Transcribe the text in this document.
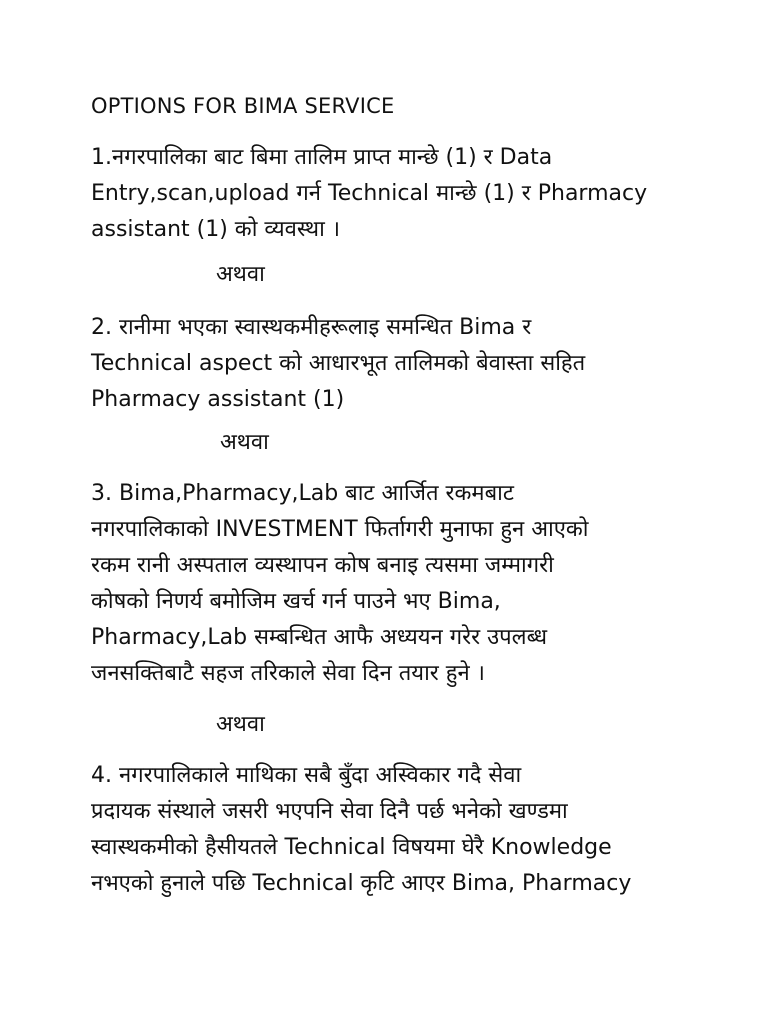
OPTIONS FOR BIMA SERVICE
1.नगरपालिका बाट बिमा तालिम प्राप्त मान्छे (1) र Data
Entry,scan,upload गर्न Technical मान्छे (1) र Pharmacy
assistant (1) को व्यवस्था ।
अथवा
2. रानीमा भएका स्वास्थकमीहरूलाइ समन्धित Bima र
Technical aspect को आधारभूत तालिमको बेवास्ता सहित
Pharmacy assistant (1)
अथवा
3. Bima,Pharmacy,Lab बाट आर्जित रकमबाट
नगरपालिकाको INVESTMENT फिर्तागरी मुनाफा हुन आएको
रकम रानी अस्पताल व्यस्थापन कोष बनाइ त्यसमा जम्मागरी
कोषको निणर्य बमोजिम खर्च गर्न पाउने भए Bima,
Pharmacy,Lab सम्बन्धित आफै अध्ययन गरेर उपलब्ध
जनसक्तिबाटै सहज तरिकाले सेवा दिन तयार हुने ।
अथवा
4. नगरपालिकाले माथिका सबै बुँदा अस्विकार गदै सेवा
प्रदायक संस्थाले जसरी भएपनि सेवा दिनै पर्छ भनेको खण्डमा
स्वास्थकमीको हैसीयतले Technical विषयमा घेरै Knowledge
नभएको हुनाले पछि Technical कृटि आएर Bima, Pharmacy
